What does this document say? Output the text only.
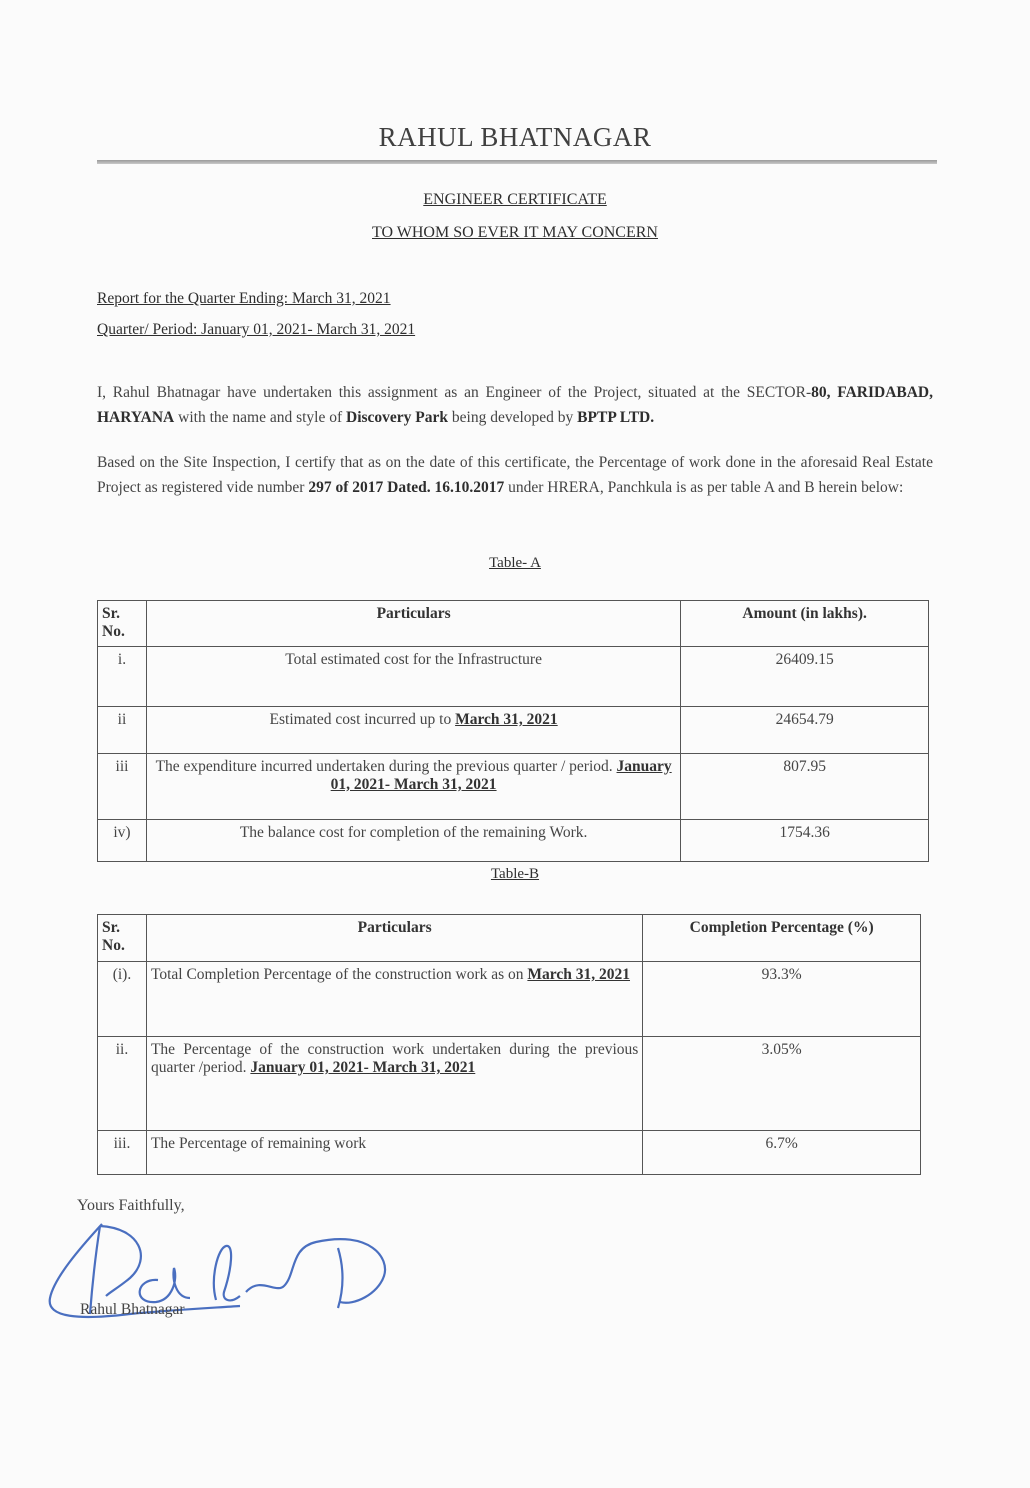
RAHUL BHATNAGAR
ENGINEER CERTIFICATE
TO WHOM SO EVER IT MAY CONCERN
Report for the Quarter Ending: March 31, 2021
Quarter/ Period: January 01, 2021- March 31, 2021
I, Rahul Bhatnagar have undertaken this assignment as an Engineer of the Project, situated at the SECTOR-80, FARIDABAD, HARYANA with the name and style of Discovery Park being developed by BPTP LTD.
Based on the Site Inspection, I certify that as on the date of this certificate, the Percentage of work done in the aforesaid Real Estate Project as registered vide number 297 of 2017 Dated. 16.10.2017 under HRERA, Panchkula is as per table A and B herein below:
Table- A
Sr. No.	Particulars	Amount (in lakhs).
i.	Total estimated cost for the Infrastructure	26409.15
ii	Estimated cost incurred up to March 31, 2021	24654.79
iii	The expenditure incurred undertaken during the previous quarter / period. January 01, 2021- March 31, 2021	807.95
iv)	The balance cost for completion of the remaining Work.	1754.36
Table-B
Sr. No.	Particulars	Completion Percentage (%)
(i).	Total Completion Percentage of the construction work as on March 31, 2021	93.3%
ii.	The Percentage of the construction work undertaken during the previous quarter /period. January 01, 2021- March 31, 2021	3.05%
iii.	The Percentage of remaining work	6.7%
Yours Faithfully,
Rahul Bhatnagar
